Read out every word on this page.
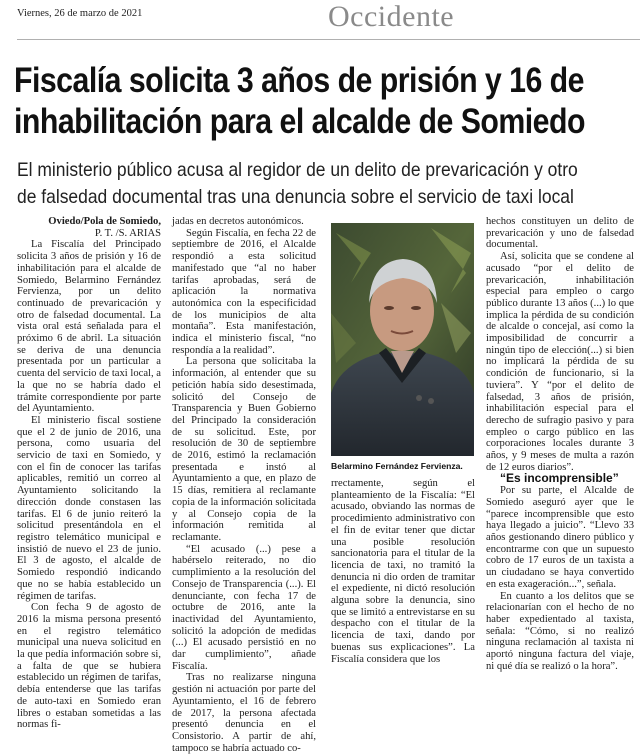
Viernes, 26 de marzo de 2021	Occidente
Fiscalía solicita 3 años de prisión y 16 de
inhabilitación para el alcalde de Somiedo
El ministerio público acusa al regidor de un delito de prevaricación y otro
de falsedad documental tras una denuncia sobre el servicio de taxi local

Oviedo/Pola de Somiedo,

P. T. /S. ARIAS

La Fiscalía del Principado solicita 3 años de prisión y 16 de inhabilitación para el alcalde de Somiedo, Belarmino Fernández Fervienza, por un delito continuado de prevaricación y otro de falsedad documental. La vista oral está señalada para el próximo 6 de abril. La situación se deriva de una denuncia presentada por un particular a cuenta del servicio de taxi local, a la que no se habría dado el trámite correspondiente por parte del Ayuntamiento.

El ministerio fiscal sostiene que el 2 de junio de 2016, una persona, como usuaria del servicio de taxi en Somiedo, y con el fin de conocer las tarifas aplicables, remitió un correo al Ayuntamiento solicitando la dirección donde constasen las tarifas. El 6 de junio reiteró la solicitud presentándola en el registro telemático municipal e insistió de nuevo el 23 de junio. El 3 de agosto, el alcalde de Somiedo respondió indicando que no se había establecido un régimen de tarifas.

Con fecha 9 de agosto de 2016 la misma persona presentó en el registro telemático municipal una nueva solicitud en la que pedía información sobre si, a falta de que se hubiera establecido un régimen de tarifas, debía entenderse que las tarifas de auto-taxi en Somiedo eran libres o estaban sometidas a las normas fi-

jadas en decretos autonómicos.

Según Fiscalía, en fecha 22 de septiembre de 2016, el Alcalde respondió a esta solicitud manifestado que “al no haber tarifas aprobadas, será de aplicación la normativa autonómica con la especificidad de los municipios de alta montaña”. Esta manifestación, indica el ministerio fiscal, “no respondía a la realidad”.

La persona que solicitaba la información, al entender que su petición había sido desestimada, solicitó del Consejo de Transparencia y Buen Gobierno del Principado la consideración de su solicitud. Este, por resolución de 30 de septiembre de 2016, estimó la reclamación presentada e instó al Ayuntamiento a que, en plazo de 15 días, remitiera al reclamante copia de la información solicitada y al Consejo copia de la información remitida al reclamante.

“El acusado (...) pese a habérselo reiterado, no dio cumplimiento a la resolución del Consejo de Transparencia (...). El denunciante, con fecha 17 de octubre de 2016, ante la inactividad del Ayuntamiento, solicitó la adopción de medidas (...) El acusado persistió en no dar cumplimiento”, añade Fiscalía.

Tras no realizarse ninguna gestión ni actuación por parte del Ayuntamiento, el 16 de febrero de 2017, la persona afectada presentó denuncia en el Consistorio. A partir de ahí, tampoco se habría actuado co-

Belarmino Fernández Fervienza.

rrectamente, según el planteamiento de la Fiscalía: “El acusado, obviando las normas de procedimiento administrativo con el fin de evitar tener que dictar una posible resolución sancionatoria para el titular de la licencia de taxi, no tramitó la denuncia ni dio orden de tramitar el expediente, ni dictó resolución alguna sobre la denuncia, sino que se limitó a entrevistarse en su despacho con el titular de la licencia de taxi, dando por buenas sus explicaciones”. La Fiscalía considera que los

hechos constituyen un delito de prevaricación y uno de falsedad documental.

Así, solicita que se condene al acusado “por el delito de prevaricación, inhabilitación especial para empleo o cargo público durante 13 años (...) lo que implica la pérdida de su condición de alcalde o concejal, así como la imposibilidad de concurrir a ningún tipo de elección(...) si bien no implicará la pérdida de su condición de funcionario, si la tuviera”. Y “por el delito de falsedad, 3 años de prisión, inhabilitación especial para el derecho de sufragio pasivo y para empleo o cargo público en las corporaciones locales durante 3 años, y 9 meses de multa a razón de 12 euros diarios”.

“Es incomprensible”

Por su parte, el Alcalde de Somiedo aseguró ayer que le “parece incomprensible que esto haya llegado a juicio”. “Llevo 33 años gestionando dinero público y encontrarme con que un supuesto cobro de 17 euros de un taxista a un ciudadano se haya convertido en esta exageración...”, señala.

En cuanto a los delitos que se relacionarían con el hecho de no haber expedientado al taxista, señala: “Cómo, si no realizó ninguna reclamación al taxista ni aportó ninguna factura del viaje, ni qué día se realizó o la hora”.
